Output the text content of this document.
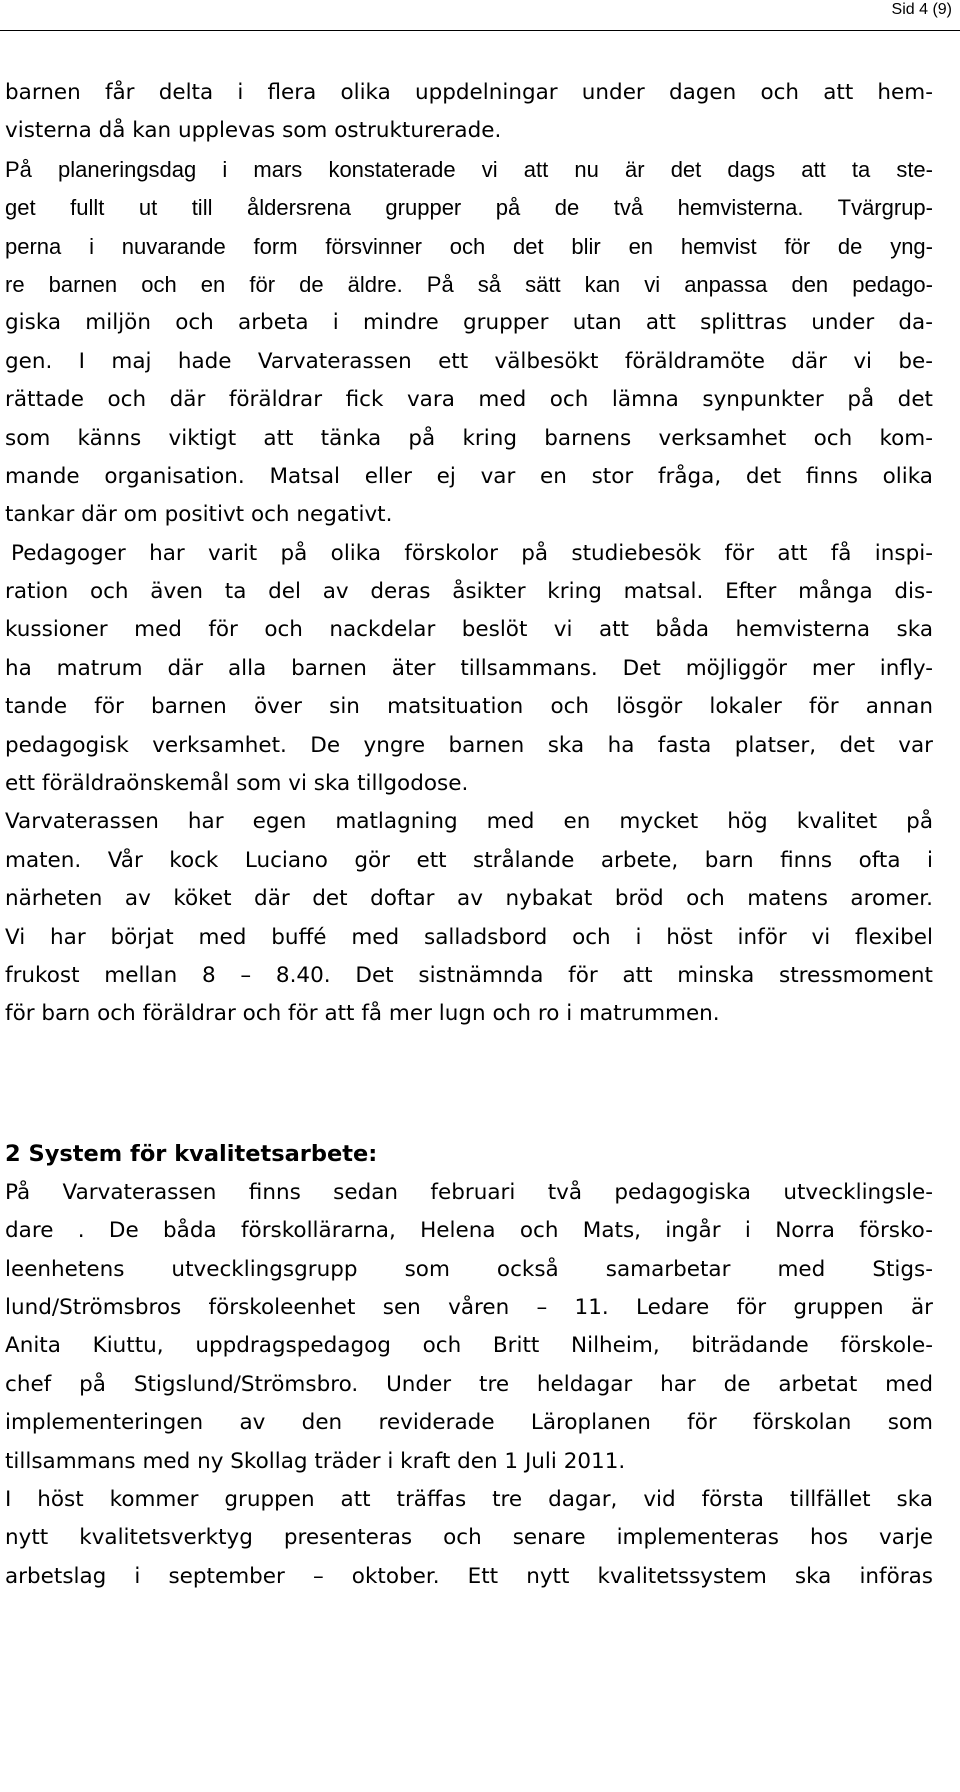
Sid 4 (9)
barnen får delta i flera olika uppdelningar under dagen och att hem-
visterna då kan upplevas som ostrukturerade.
På planeringsdag i mars konstaterade vi att nu är det dags att ta ste-
get fullt ut till åldersrena grupper på de två hemvisterna. Tvärgrup-
perna i nuvarande form försvinner och det blir en hemvist för de yng-
re barnen och en för de äldre. På så sätt kan vi anpassa den pedago-
giska miljön och arbeta i mindre grupper utan att splittras under da-
gen. I maj hade Varvaterassen ett välbesökt föräldramöte där vi be-
rättade och där föräldrar fick vara med och lämna synpunkter på det
som känns viktigt att tänka på kring barnens verksamhet och kom-
mande organisation. Matsal eller ej var en stor fråga, det finns olika
tankar där om positivt och negativt.
Pedagoger har varit på olika förskolor på studiebesök för att få inspi-
ration och även ta del av deras åsikter kring matsal. Efter många dis-
kussioner med för och nackdelar beslöt vi att båda hemvisterna ska
ha matrum där alla barnen äter tillsammans. Det möjliggör mer infly-
tande för barnen över sin matsituation och lösgör lokaler för annan
pedagogisk verksamhet. De yngre barnen ska ha fasta platser, det var
ett föräldraönskemål som vi ska tillgodose.
Varvaterassen har egen matlagning med en mycket hög kvalitet på
maten. Vår kock Luciano gör ett strålande arbete, barn finns ofta i
närheten av köket där det doftar av nybakat bröd och matens aromer.
Vi har börjat med buffé med salladsbord och i höst inför vi flexibel
frukost mellan 8 – 8.40. Det sistnämnda för att minska stressmoment
för barn och föräldrar och för att få mer lugn och ro i matrummen.
2 System för kvalitetsarbete:
På Varvaterassen finns sedan februari två pedagogiska utvecklingsle-
dare . De båda förskollärarna, Helena och Mats, ingår i Norra försko-
leenhetens utvecklingsgrupp som också samarbetar med Stigs-
lund/Strömsbros förskoleenhet sen våren – 11. Ledare för gruppen är
Anita Kiuttu, uppdragspedagog och Britt Nilheim, biträdande förskole-
chef på Stigslund/Strömsbro. Under tre heldagar har de arbetat med
implementeringen av den reviderade Läroplanen för förskolan som
tillsammans med ny Skollag träder i kraft den 1 Juli 2011.
I höst kommer gruppen att träffas tre dagar, vid första tillfället ska
nytt kvalitetsverktyg presenteras och senare implementeras hos varje
arbetslag i september – oktober. Ett nytt kvalitetssystem ska införas
